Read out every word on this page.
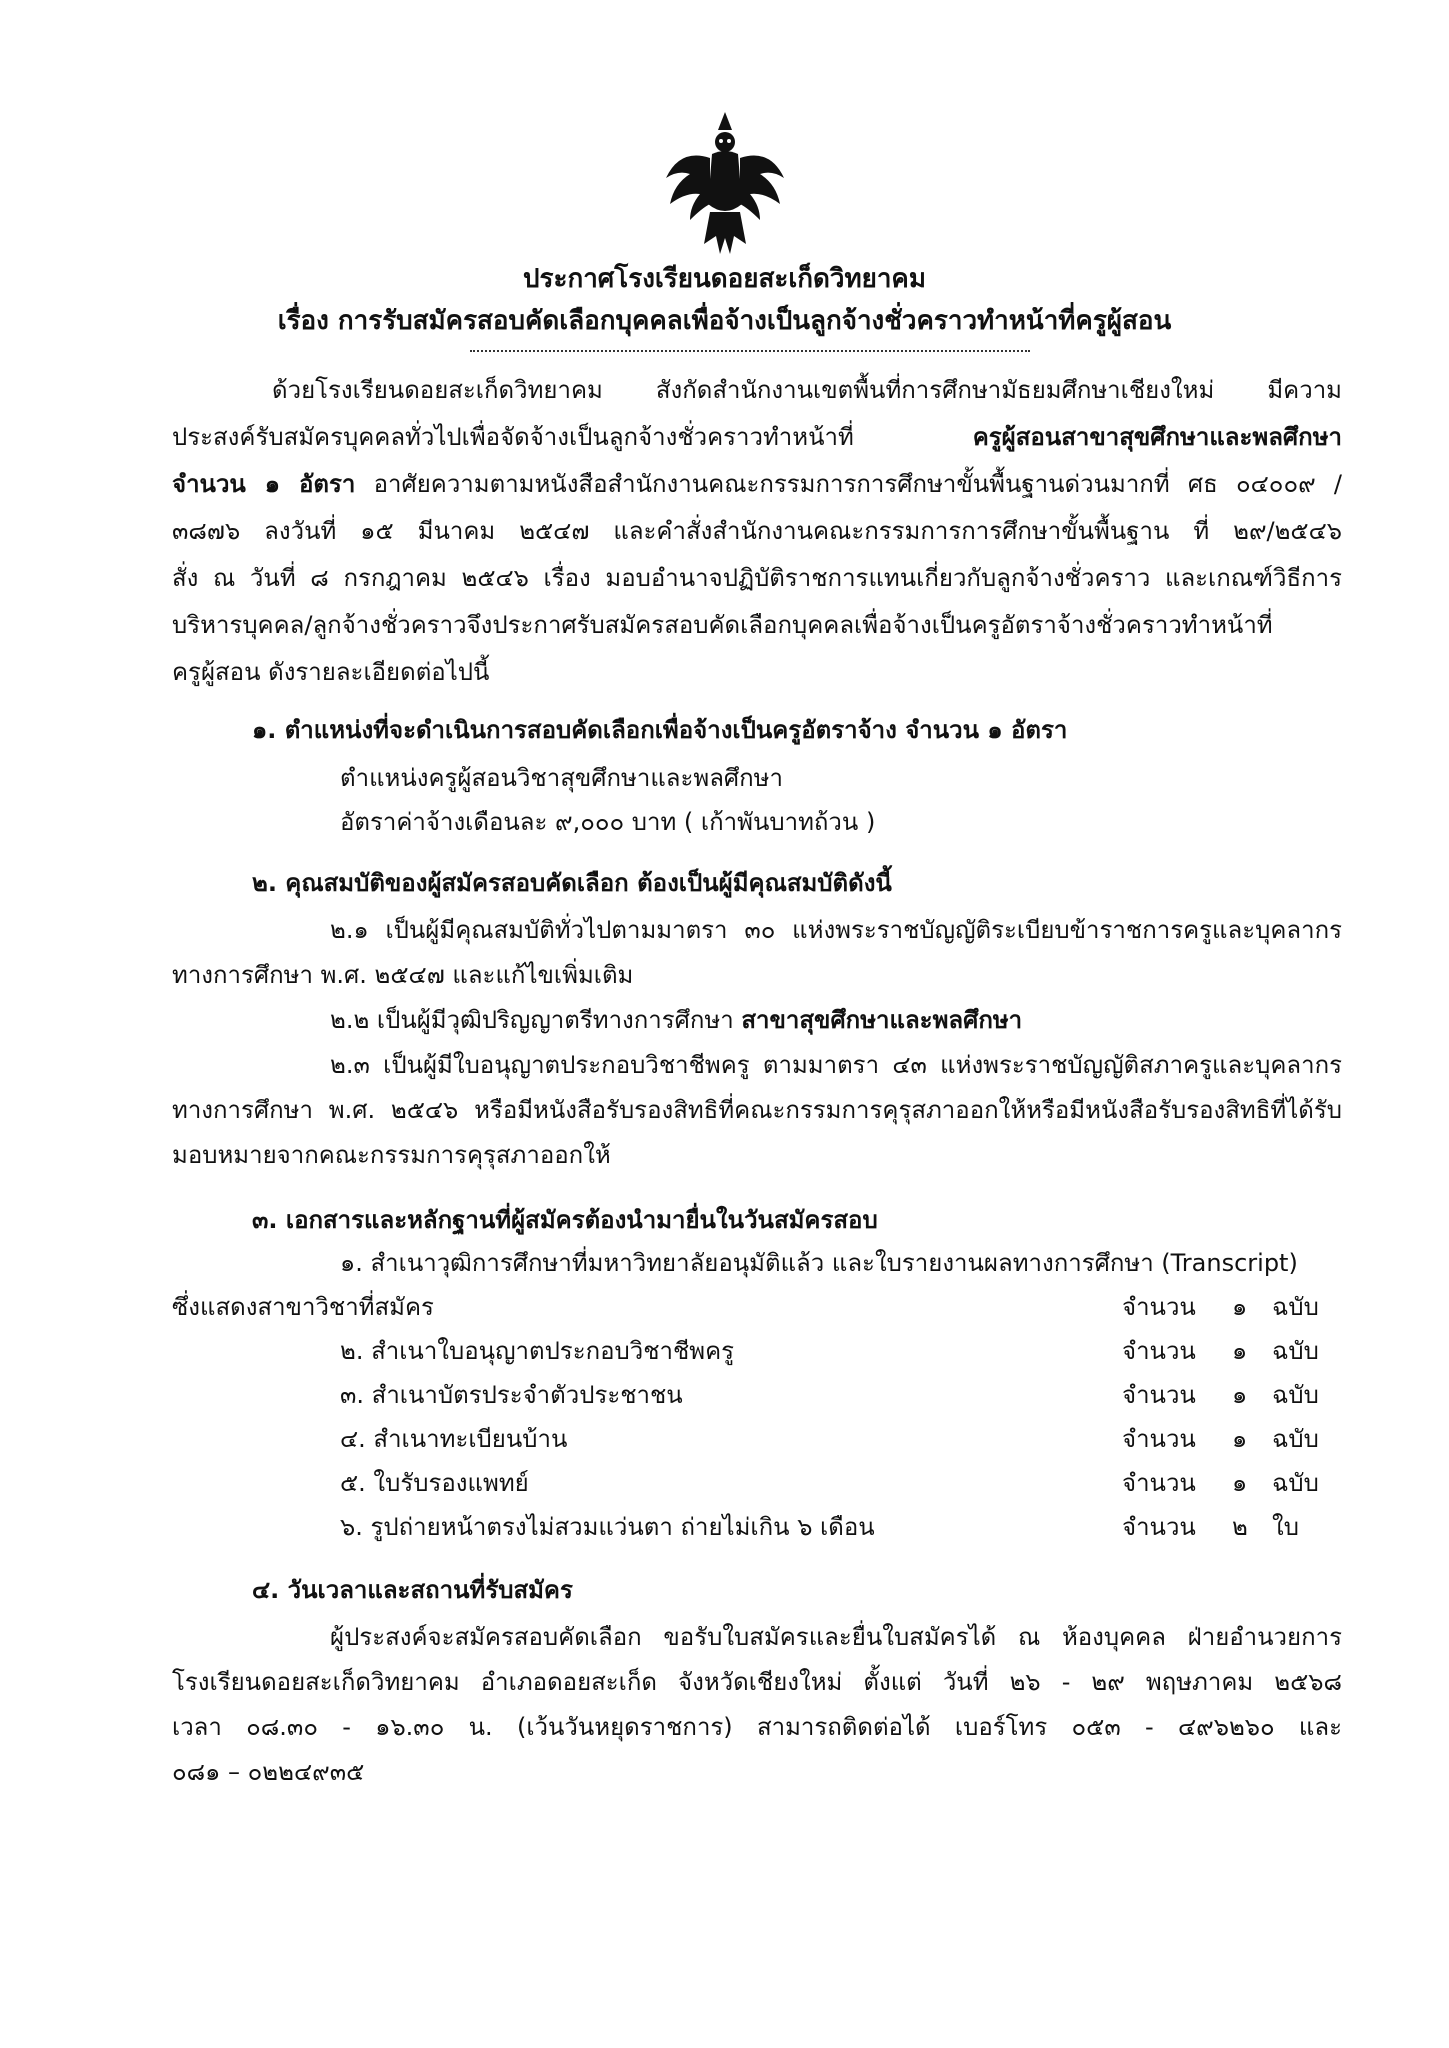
ประกาศโรงเรียนดอยสะเก็ดวิทยาคม
เรื่อง การรับสมัครสอบคัดเลือกบุคคลเพื่อจ้างเป็นลูกจ้างชั่วคราวทำหน้าที่ครูผู้สอน
ด้วยโรงเรียนดอยสะเก็ดวิทยาคม สังกัดสำนักงานเขตพื้นที่การศึกษามัธยมศึกษาเชียงใหม่ มีความ
ประสงค์รับสมัครบุคคลทั่วไปเพื่อจัดจ้างเป็นลูกจ้างชั่วคราวทำหน้าที่ ครูผู้สอนสาขาสุขศึกษาและพลศึกษา
จำนวน ๑ อัตรา อาศัยความตามหนังสือสำนักงานคณะกรรมการการศึกษาขั้นพื้นฐานด่วนมากที่ ศธ ๐๔๐๐๙ /
๓๘๗๖ ลงวันที่ ๑๕ มีนาคม ๒๕๔๗ และคำสั่งสำนักงานคณะกรรมการการศึกษาขั้นพื้นฐาน ที่ ๒๙/๒๕๔๖
สั่ง ณ วันที่ ๘ กรกฎาคม ๒๕๔๖ เรื่อง มอบอำนาจปฏิบัติราชการแทนเกี่ยวกับลูกจ้างชั่วคราว และเกณฑ์วิธีการ
บริหารบุคคล/ลูกจ้างชั่วคราวจึงประกาศรับสมัครสอบคัดเลือกบุคคลเพื่อจ้างเป็นครูอัตราจ้างชั่วคราวทำหน้าที่
ครูผู้สอน ดังรายละเอียดต่อไปนี้
๑. ตำแหน่งที่จะดำเนินการสอบคัดเลือกเพื่อจ้างเป็นครูอัตราจ้าง จำนวน ๑ อัตรา
ตำแหน่งครูผู้สอนวิชาสุขศึกษาและพลศึกษา
อัตราค่าจ้างเดือนละ ๙,๐๐๐ บาท ( เก้าพันบาทถ้วน )
๒. คุณสมบัติของผู้สมัครสอบคัดเลือก ต้องเป็นผู้มีคุณสมบัติดังนี้
๒.๑ เป็นผู้มีคุณสมบัติทั่วไปตามมาตรา ๓๐ แห่งพระราชบัญญัติระเบียบข้าราชการครูและบุคลากร
ทางการศึกษา พ.ศ. ๒๕๔๗ และแก้ไขเพิ่มเติม
๒.๒ เป็นผู้มีวุฒิปริญญาตรีทางการศึกษา สาขาสุขศึกษาและพลศึกษา
๒.๓ เป็นผู้มีใบอนุญาตประกอบวิชาชีพครู ตามมาตรา ๔๓ แห่งพระราชบัญญัติสภาครูและบุคลากร
ทางการศึกษา พ.ศ. ๒๕๔๖ หรือมีหนังสือรับรองสิทธิที่คณะกรรมการคุรุสภาออกให้หรือมีหนังสือรับรองสิทธิที่ได้รับ
มอบหมายจากคณะกรรมการคุรุสภาออกให้
๓. เอกสารและหลักฐานที่ผู้สมัครต้องนำมายื่นในวันสมัครสอบ
๑. สำเนาวุฒิการศึกษาที่มหาวิทยาลัยอนุมัติแล้ว และใบรายงานผลทางการศึกษา (Transcript)
ซึ่งแสดงสาขาวิชาที่สมัคร	จำนวน ๑ ฉบับ
๒. สำเนาใบอนุญาตประกอบวิชาชีพครู	จำนวน ๑ ฉบับ
๓. สำเนาบัตรประจำตัวประชาชน	จำนวน ๑ ฉบับ
๔. สำเนาทะเบียนบ้าน	จำนวน ๑ ฉบับ
๕. ใบรับรองแพทย์	จำนวน ๑ ฉบับ
๖. รูปถ่ายหน้าตรงไม่สวมแว่นตา ถ่ายไม่เกิน ๖ เดือน	จำนวน ๒ ใบ
๔. วันเวลาและสถานที่รับสมัคร
ผู้ประสงค์จะสมัครสอบคัดเลือก ขอรับใบสมัครและยื่นใบสมัครได้ ณ ห้องบุคคล ฝ่ายอำนวยการ
โรงเรียนดอยสะเก็ดวิทยาคม อำเภอดอยสะเก็ด จังหวัดเชียงใหม่ ตั้งแต่ วันที่ ๒๖ - ๒๙ พฤษภาคม ๒๕๖๘
เวลา ๐๘.๓๐ - ๑๖.๓๐ น. (เว้นวันหยุดราชการ) สามารถติดต่อได้ เบอร์โทร ๐๕๓ - ๔๙๖๒๖๐ และ
๐๘๑ – ๐๒๒๔๙๓๕
